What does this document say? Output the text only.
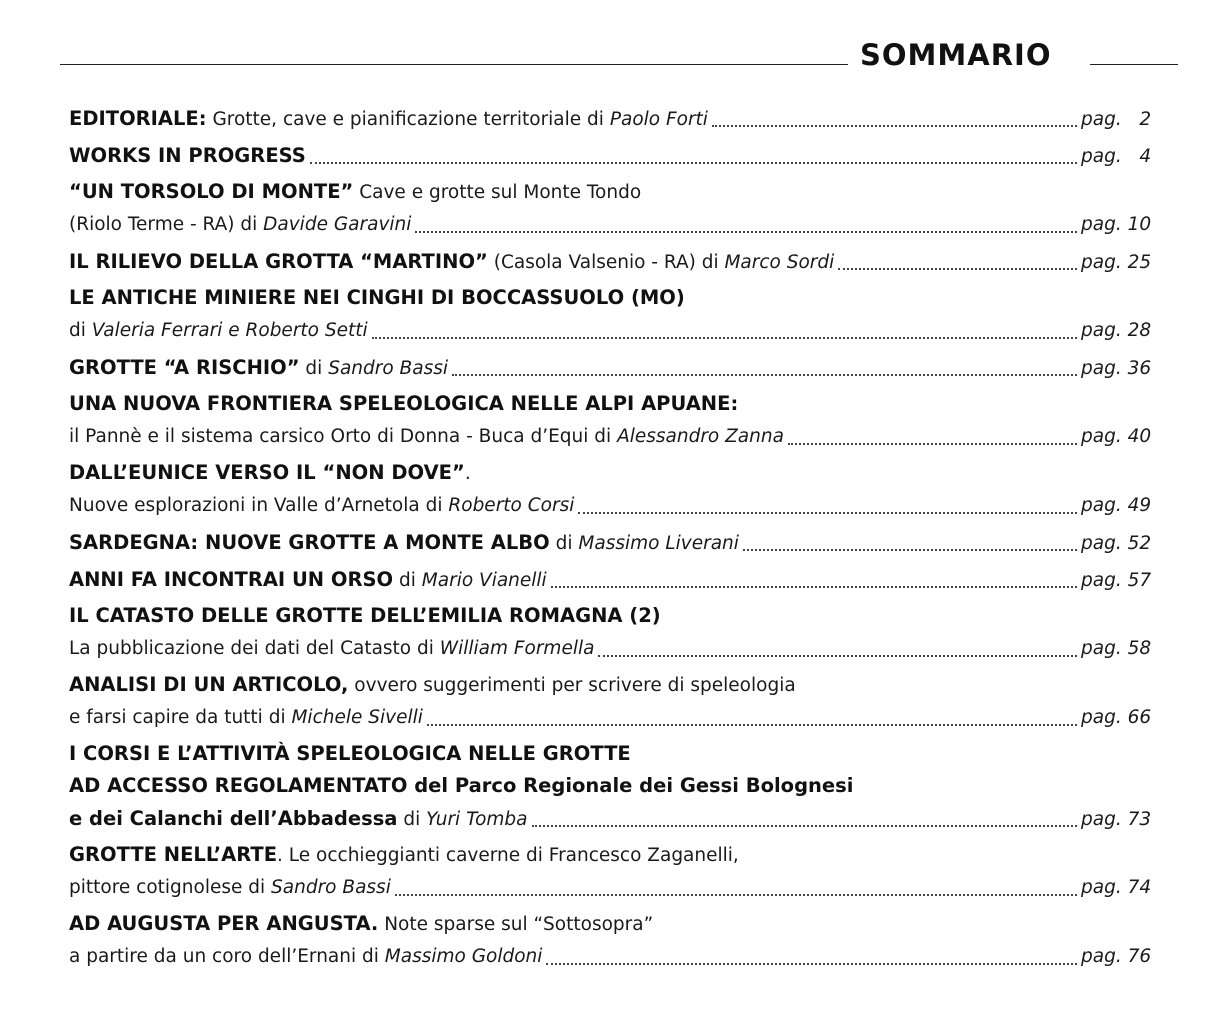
SOMMARIO
EDITORIALE: Grotte, cave e pianificazione territoriale di Paolo Forti	pag.   2
WORKS IN PROGRESS	pag.   4
“UN TORSOLO DI MONTE” Cave e grotte sul Monte Tondo
(Riolo Terme - RA) di Davide Garavini	pag. 10
IL RILIEVO DELLA GROTTA “MARTINO” (Casola Valsenio - RA) di Marco Sordi	pag. 25
LE ANTICHE MINIERE NEI CINGHI DI BOCCASSUOLO (MO)
di Valeria Ferrari e Roberto Setti	pag. 28
GROTTE “A RISCHIO” di Sandro Bassi	pag. 36
UNA NUOVA FRONTIERA SPELEOLOGICA NELLE ALPI APUANE:
il Pannè e il sistema carsico Orto di Donna - Buca d’Equi di Alessandro Zanna	pag. 40
DALL’EUNICE VERSO IL “NON DOVE” .
Nuove esplorazioni in Valle d’Arnetola di Roberto Corsi	pag. 49
SARDEGNA: NUOVE GROTTE A MONTE ALBO di Massimo Liverani	pag. 52
ANNI FA INCONTRAI UN ORSO di Mario Vianelli	pag. 57
IL CATASTO DELLE GROTTE DELL’EMILIA ROMAGNA (2)
La pubblicazione dei dati del Catasto di William Formella	pag. 58
ANALISI DI UN ARTICOLO, ovvero suggerimenti per scrivere di speleologia
e farsi capire da tutti di Michele Sivelli	pag. 66
I CORSI E L’ATTIVITÀ SPELEOLOGICA NELLE GROTTE
AD ACCESSO REGOLAMENTATO del Parco Regionale dei Gessi Bolognesi
e dei Calanchi dell’Abbadessa di Yuri Tomba	pag. 73
GROTTE NELL’ARTE . Le occhieggianti caverne di Francesco Zaganelli,
pittore cotignolese di Sandro Bassi	pag. 74
AD AUGUSTA PER ANGUSTA. Note sparse sul “Sottosopra”
a partire da un coro dell’Ernani di Massimo Goldoni	pag. 76
